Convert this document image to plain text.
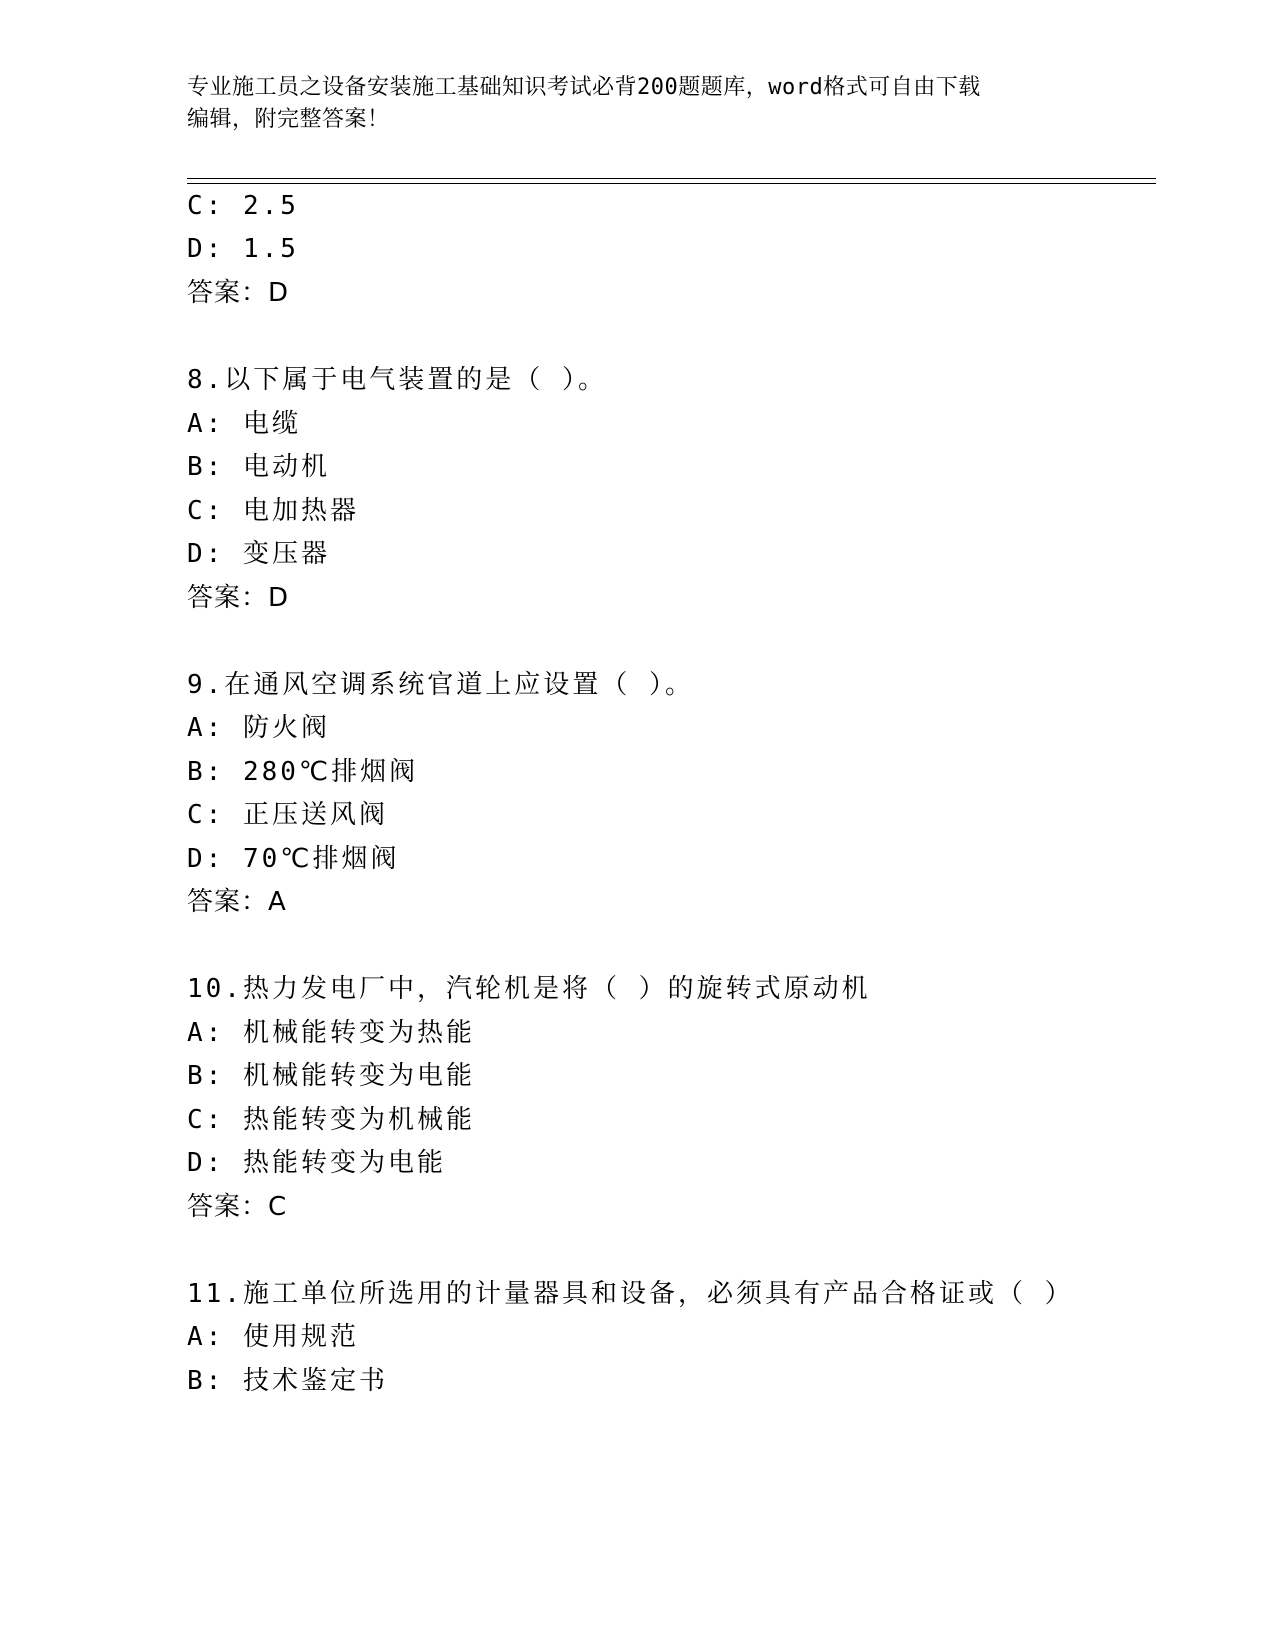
专业施工员之设备安装施工基础知识考试必背200题题库，word格式可自由下载
编辑，附完整答案！
C: 2.5
D: 1.5
答案：D
8.以下属于电气装置的是（ ）。
A: 电缆
B: 电动机
C: 电加热器
D: 变压器
答案：D
9.在通风空调系统官道上应设置（ ）。
A: 防火阀
B: 280℃排烟阀
C: 正压送风阀
D: 70℃排烟阀
答案：A
10.热力发电厂中，汽轮机是将（ ）的旋转式原动机
A: 机械能转变为热能
B: 机械能转变为电能
C: 热能转变为机械能
D: 热能转变为电能
答案：C
11.施工单位所选用的计量器具和设备，必须具有产品合格证或（ ）
A: 使用规范
B: 技术鉴定书
